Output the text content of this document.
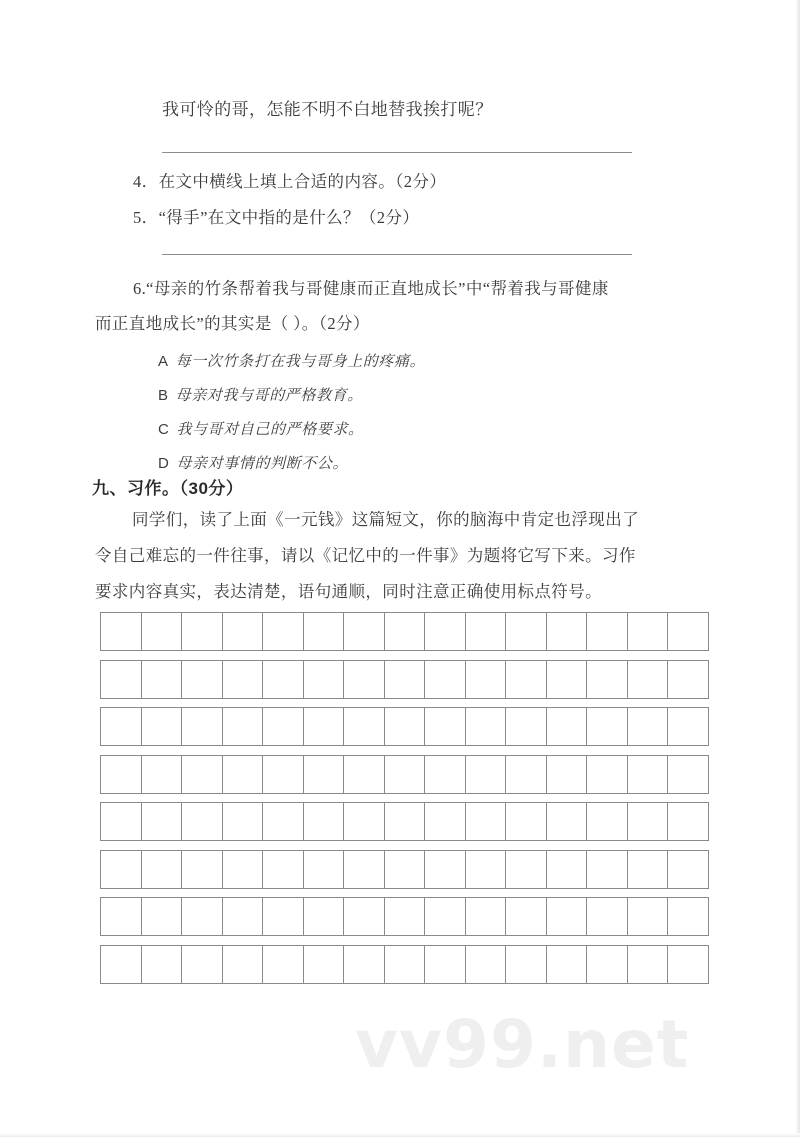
我可怜的哥，怎能不明不白地替我挨打呢？
4．在文中横线上填上合适的内容。（2分）
5．“得手”在文中指的是什么？（2分）
6.“母亲的竹条帮着我与哥健康而正直地成长”中“帮着我与哥健康
而正直地成长”的其实是（ ）。（2分）
A 每一次竹条打在我与哥身上的疼痛。
B 母亲对我与哥的严格教育。
C 我与哥对自己的严格要求。
D 母亲对事情的判断不公。
九、习作。（30分）
同学们，读了上面《一元钱》这篇短文，你的脑海中肯定也浮现出了
令自己难忘的一件往事，请以《记忆中的一件事》为题将它写下来。习作
要求内容真实，表达清楚，语句通顺，同时注意正确使用标点符号。
vv99.net
